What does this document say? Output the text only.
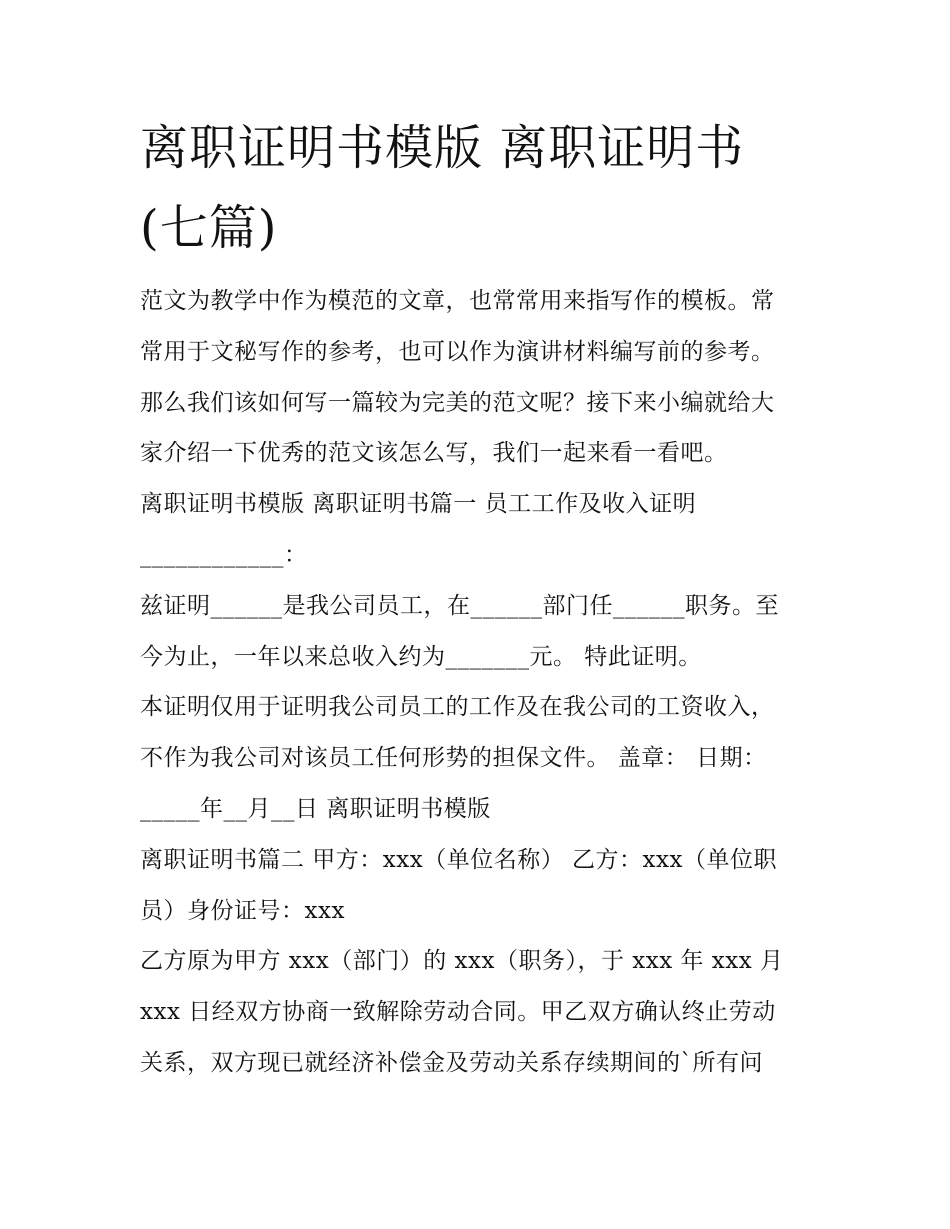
离职证明书模版 离职证明书
(七篇)
范文为教学中作为模范的文章，也常常用来指写作的模板。常
常用于文秘写作的参考，也可以作为演讲材料编写前的参考。
那么我们该如何写一篇较为完美的范文呢？接下来小编就给大
家介绍一下优秀的范文该怎么写，我们一起来看一看吧。
离职证明书模版 离职证明书篇一 员工工作及收入证明
____________：
兹证明______是我公司员工，在______部门任______职务。至
今为止，一年以来总收入约为_______元。 特此证明。
本证明仅用于证明我公司员工的工作及在我公司的工资收入，
不作为我公司对该员工任何形势的担保文件。 盖章： 日期：
_____年__月__日 离职证明书模版
离职证明书篇二 甲方：xxx（单位名称） 乙方：xxx（单位职
员）身份证号：xxx
乙方原为甲方 xxx（部门）的 xxx（职务），于 xxx 年 xxx 月
xxx 日经双方协商一致解除劳动合同。甲乙双方确认终止劳动
关系，双方现已就经济补偿金及劳动关系存续期间的`所有问
